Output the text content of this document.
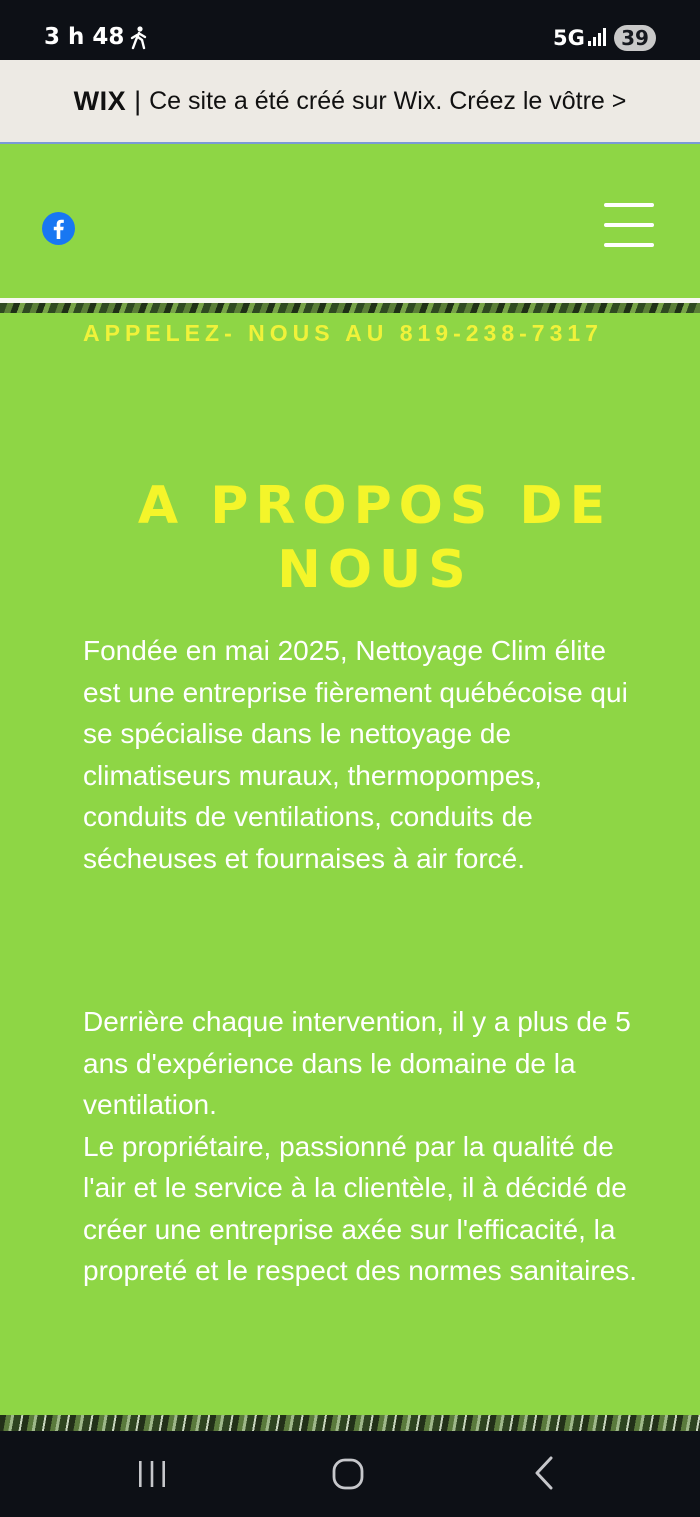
3 h 48	5G	39
WIX | Ce site a été créé sur Wix. Créez le vôtre >
APPELEZ- NOUS AU 819-238-7317
A PROPOS DE
NOUS

Fondée en mai 2025, Nettoyage Clim élite est une entreprise fièrement québécoise qui se spécialise dans le nettoyage de climatiseurs muraux, thermopompes, conduits de ventilations, conduits de sécheuses et fournaises à air forcé.

Derrière chaque intervention, il y a plus de 5 ans d'expérience dans le domaine de la ventilation.
Le propriétaire, passionné par la qualité de l'air et le service à la clientèle, il à décidé de créer une entreprise axée sur l'efficacité, la propreté et le respect des normes sanitaires.
